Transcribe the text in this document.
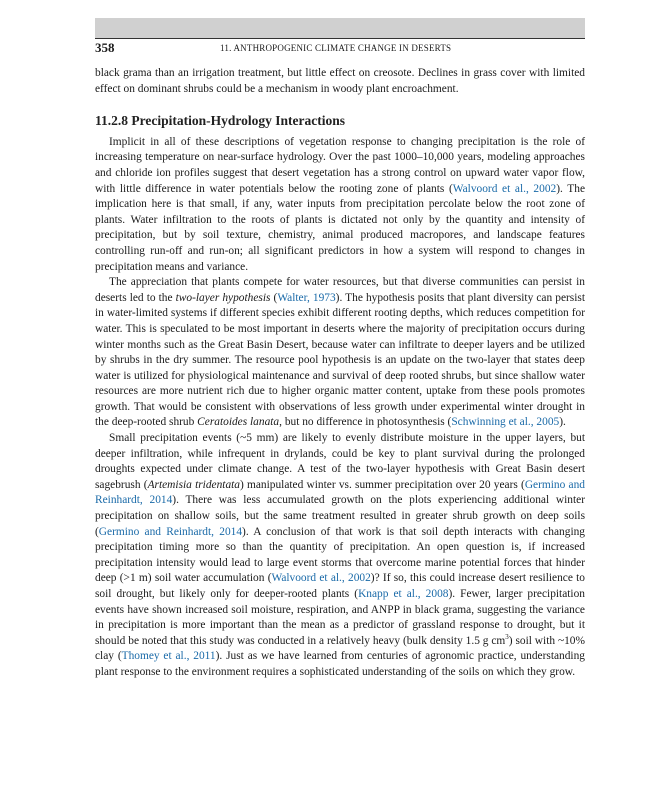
358	11. ANTHROPOGENIC CLIMATE CHANGE IN DESERTS

black grama than an irrigation treatment, but little effect on creosote. Declines in grass cover with limited effect on dominant shrubs could be a mechanism in woody plant encroachment.

11.2.8 Precipitation-Hydrology Interactions

Implicit in all of these descriptions of vegetation response to changing precipitation is the role of increasing temperature on near-surface hydrology. Over the past 1000–10,000 years, modeling approaches and chloride ion profiles suggest that desert vegetation has a strong control on upward water vapor flow, with little difference in water potentials below the rooting zone of plants (Walvoord et al., 2002). The implication here is that small, if any, water inputs from precipitation percolate below the root zone of plants. Water infiltration to the roots of plants is dictated not only by the quantity and intensity of precipitation, but by soil texture, chemistry, animal produced macropores, and landscape features controlling run-off and run-on; all significant predictors in how a system will respond to changes in precipitation means and variance.

The appreciation that plants compete for water resources, but that diverse communities can persist in deserts led to the two-layer hypothesis (Walter, 1973). The hypothesis posits that plant diversity can persist in water-limited systems if different species exhibit different rooting depths, which reduces competition for water. This is speculated to be most important in deserts where the majority of precipitation occurs during winter months such as the Great Basin Desert, because water can infiltrate to deeper layers and be utilized by shrubs in the dry summer. The resource pool hypothesis is an update on the two-layer that states deep water is utilized for physiological maintenance and survival of deep rooted shrubs, but since shallow water resources are more nutrient rich due to higher organic matter content, uptake from these pools promotes growth. That would be consistent with observations of less growth under experimental winter drought in the deep-rooted shrub Ceratoides lanata, but no difference in photosynthesis (Schwinning et al., 2005).

Small precipitation events (~5 mm) are likely to evenly distribute moisture in the upper layers, but deeper infiltration, while infrequent in drylands, could be key to plant survival during the prolonged droughts expected under climate change. A test of the two-layer hypothesis with Great Basin desert sagebrush (Artemisia tridentata) manipulated winter vs. summer precipitation over 20 years (Germino and Reinhardt, 2014). There was less accumulated growth on the plots experiencing additional winter precipitation on shallow soils, but the same treatment resulted in greater shrub growth on deep soils (Germino and Reinhardt, 2014). A conclusion of that work is that soil depth interacts with changing precipitation timing more so than the quantity of precipitation. An open question is, if increased precipitation intensity would lead to large event storms that overcome marine potential forces that hinder deep (>1 m) soil water accumulation (Walvoord et al., 2002)? If so, this could increase desert resilience to soil drought, but likely only for deeper-rooted plants (Knapp et al., 2008). Fewer, larger precipitation events have shown increased soil moisture, respiration, and ANPP in black grama, suggesting the variance in precipitation is more important than the mean as a predictor of grassland response to drought, but it should be noted that this study was conducted in a relatively heavy (bulk density 1.5 g $cm^3$) soil with ~10% clay (Thomey et al., 2011). Just as we have learned from centuries of agronomic practice, understanding plant response to the environment requires a sophisticated understanding of the soils on which they grow.
